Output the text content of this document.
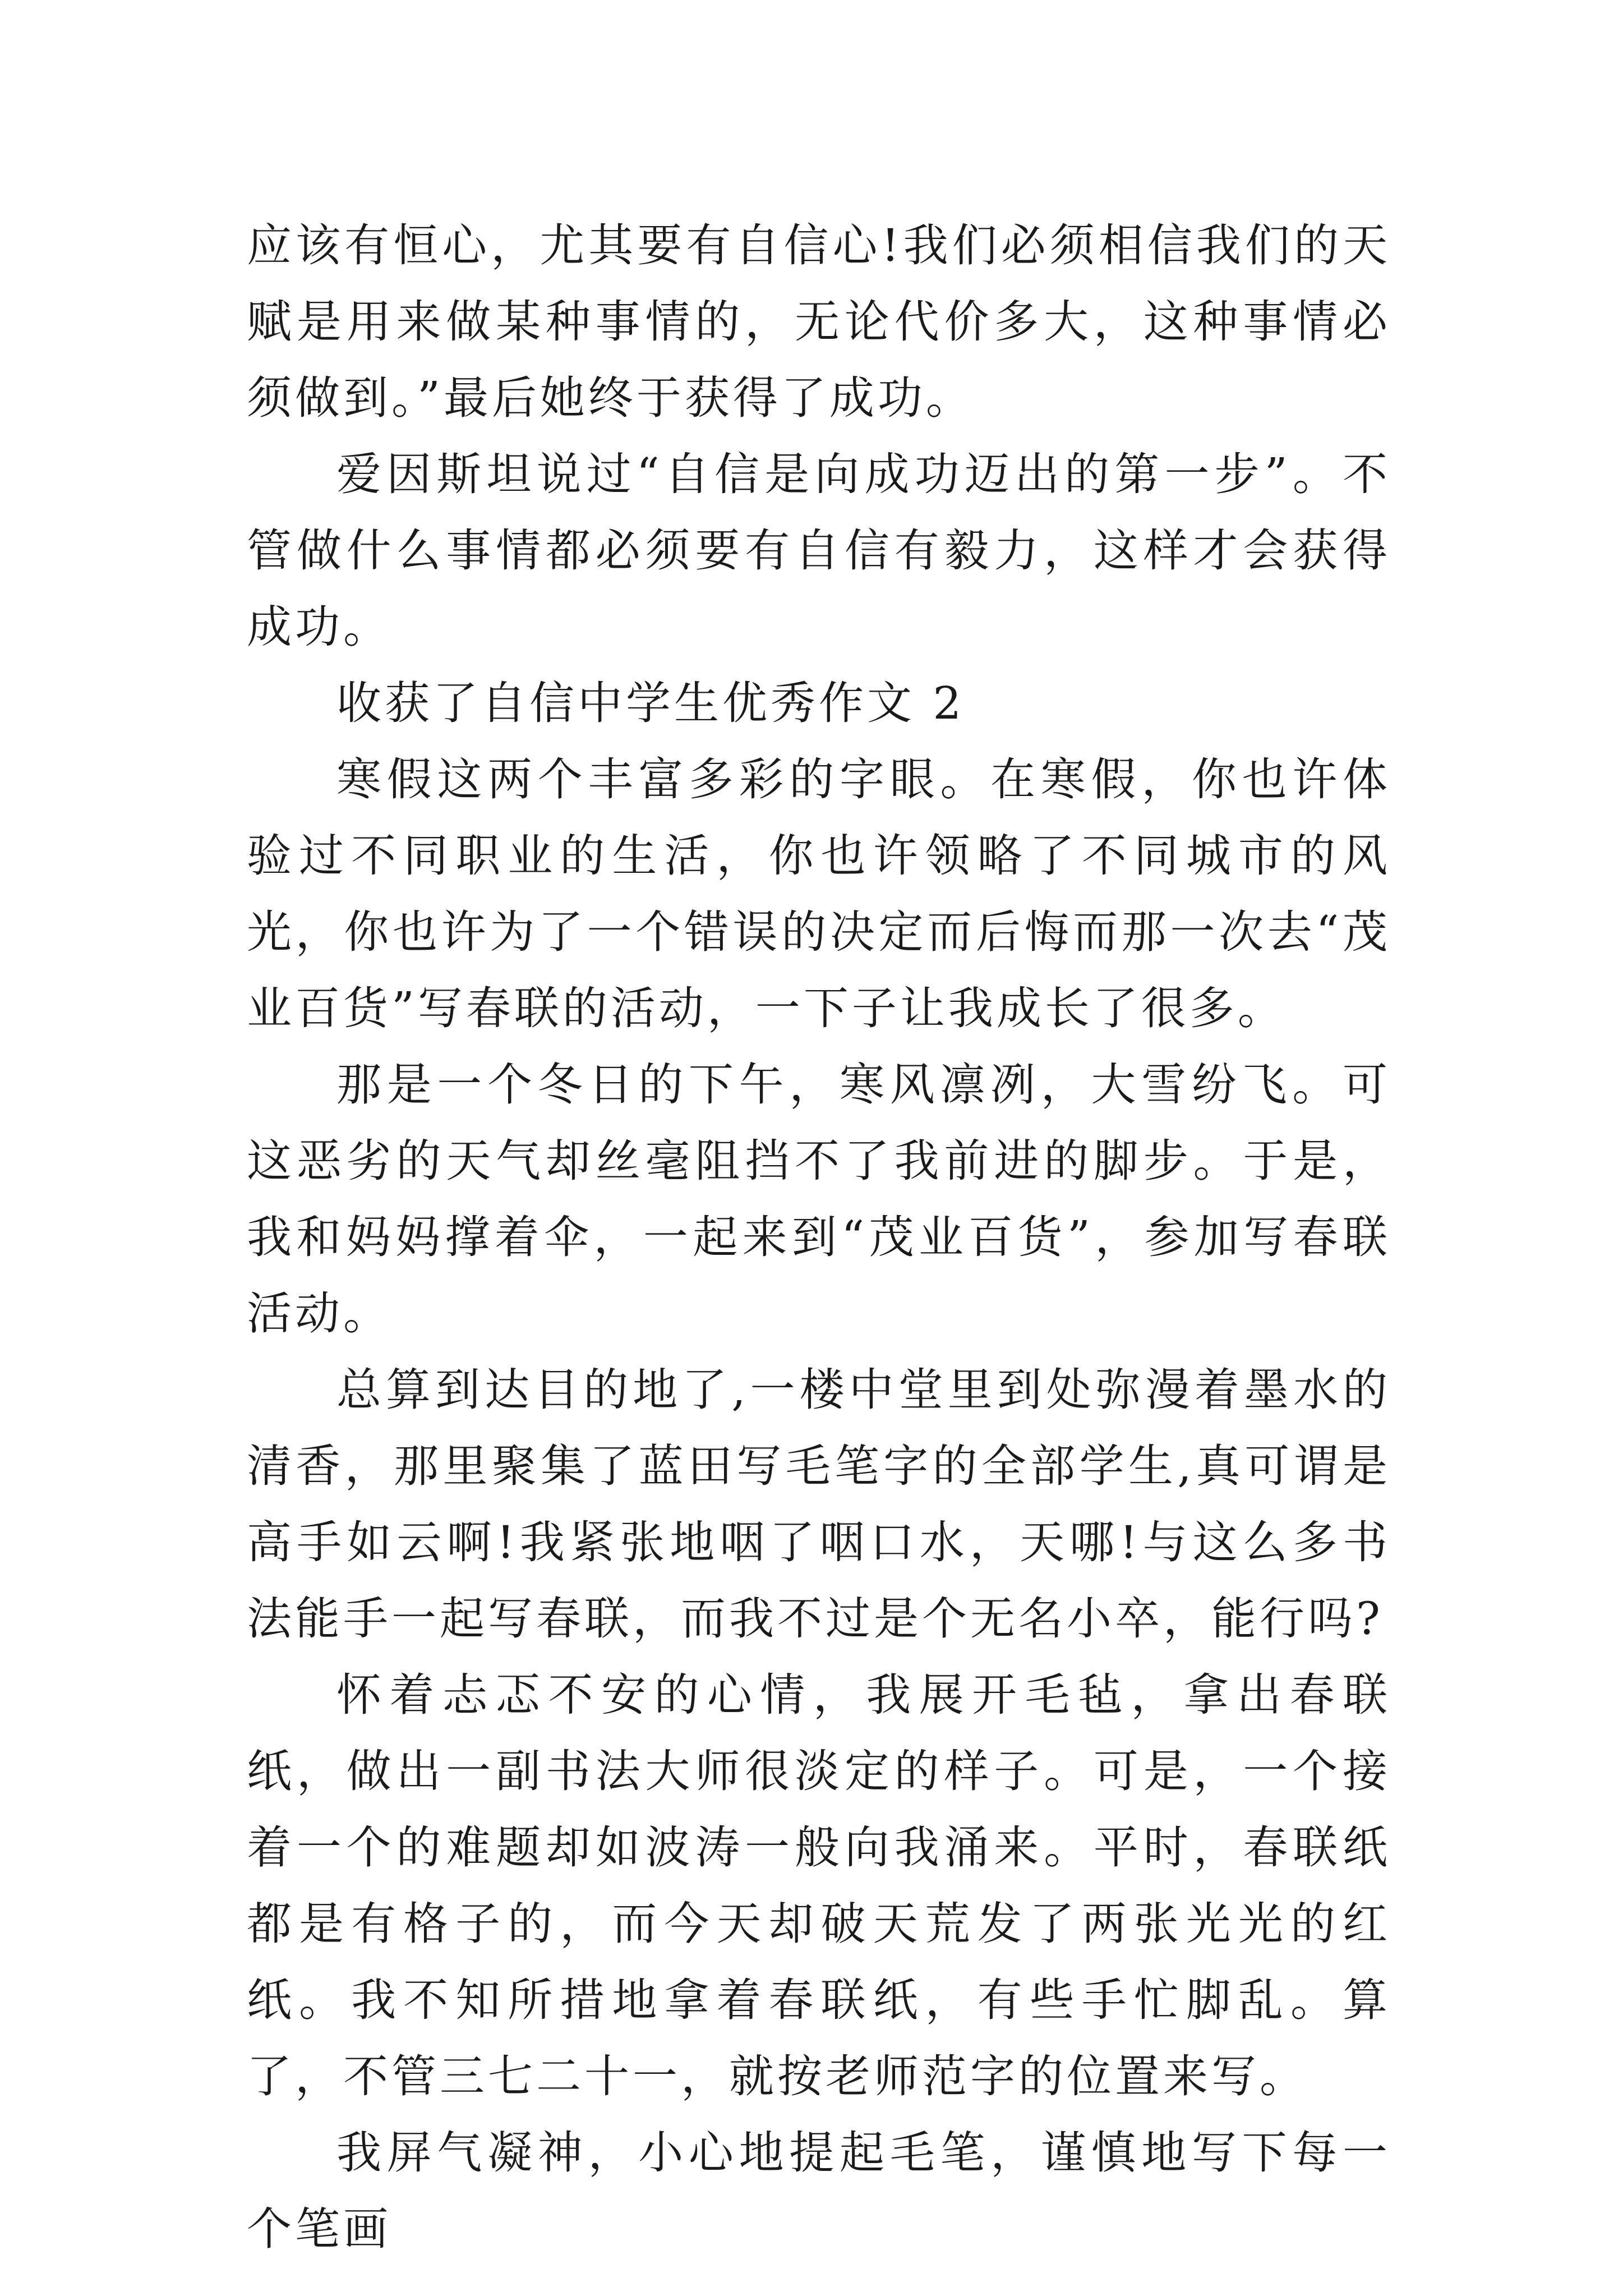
应该有恒心，尤其要有自信心!我们必须相信我们的天赋是用来做某种事情的，无论代价多大，这种事情必须做到。”最后她终于获得了成功。

爱因斯坦说过“自信是向成功迈出的第一步”。不管做什么事情都必须要有自信有毅力，这样才会获得成功。

收获了自信中学生优秀作文 2

寒假这两个丰富多彩的字眼。在寒假，你也许体验过不同职业的生活，你也许领略了不同城市的风光，你也许为了一个错误的决定而后悔而那一次去“茂业百货”写春联的活动，一下子让我成长了很多。

那是一个冬日的下午，寒风凛冽，大雪纷飞。可这恶劣的天气却丝毫阻挡不了我前进的脚步。于是，我和妈妈撑着伞，一起来到“茂业百货”，参加写春联活动。

总算到达目的地了,一楼中堂里到处弥漫着墨水的清香，那里聚集了蓝田写毛笔字的全部学生,真可谓是高手如云啊!我紧张地咽了咽口水，天哪!与这么多书法能手一起写春联，而我不过是个无名小卒，能行吗?

怀着忐忑不安的心情，我展开毛毡，拿出春联纸，做出一副书法大师很淡定的样子。可是，一个接着一个的难题却如波涛一般向我涌来。平时，春联纸都是有格子的，而今天却破天荒发了两张光光的红纸。我不知所措地拿着春联纸，有些手忙脚乱。算了，不管三七二十一，就按老师范字的位置来写。

我屏气凝神，小心地提起毛笔，谨慎地写下每一个笔画
